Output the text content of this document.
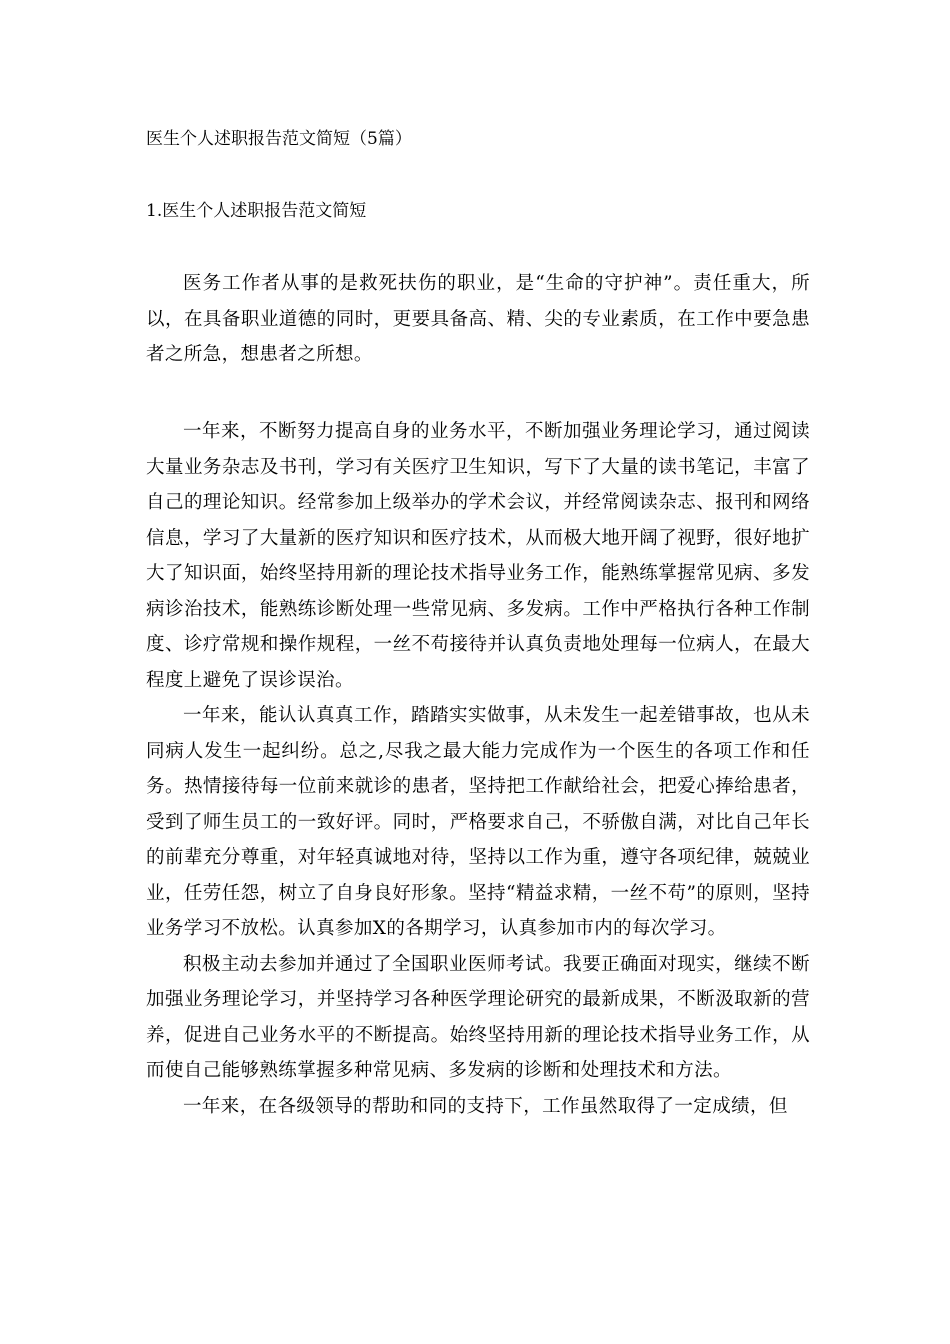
医生个人述职报告范文简短（5篇）
1.医生个人述职报告范文简短

医务工作者从事的是救死扶伤的职业，是“生命的守护神”。责任重大，所以，在具备职业道德的同时，更要具备高、精、尖的专业素质，在工作中要急患者之所急，想患者之所想。

一年来，不断努力提高自身的业务水平，不断加强业务理论学习，通过阅读大量业务杂志及书刊，学习有关医疗卫生知识，写下了大量的读书笔记，丰富了自己的理论知识。经常参加上级举办的学术会议，并经常阅读杂志、报刊和网络信息，学习了大量新的医疗知识和医疗技术，从而极大地开阔了视野，很好地扩大了知识面，始终坚持用新的理论技术指导业务工作，能熟练掌握常见病、多发病诊治技术，能熟练诊断处理一些常见病、多发病。工作中严格执行各种工作制度、诊疗常规和操作规程，一丝不苟接待并认真负责地处理每一位病人，在最大程度上避免了误诊误治。

一年来，能认认真真工作，踏踏实实做事，从未发生一起差错事故，也从未同病人发生一起纠纷。总之,尽我之最大能力完成作为一个医生的各项工作和任务。热情接待每一位前来就诊的患者，坚持把工作献给社会，把爱心捧给患者，受到了师生员工的一致好评。同时，严格要求自己，不骄傲自满，对比自己年长的前辈充分尊重，对年轻真诚地对待，坚持以工作为重，遵守各项纪律，兢兢业业，任劳任怨，树立了自身良好形象。坚持“精益求精，一丝不苟”的原则，坚持业务学习不放松。认真参加X的各期学习，认真参加市内的每次学习。

积极主动去参加并通过了全国职业医师考试。我要正确面对现实，继续不断加强业务理论学习，并坚持学习各种医学理论研究的最新成果，不断汲取新的营养，促进自己业务水平的不断提高。始终坚持用新的理论技术指导业务工作，从而使自己能够熟练掌握多种常见病、多发病的诊断和处理技术和方法。

一年来，在各级领导的帮助和同的支持下，工作虽然取得了一定成绩，但
